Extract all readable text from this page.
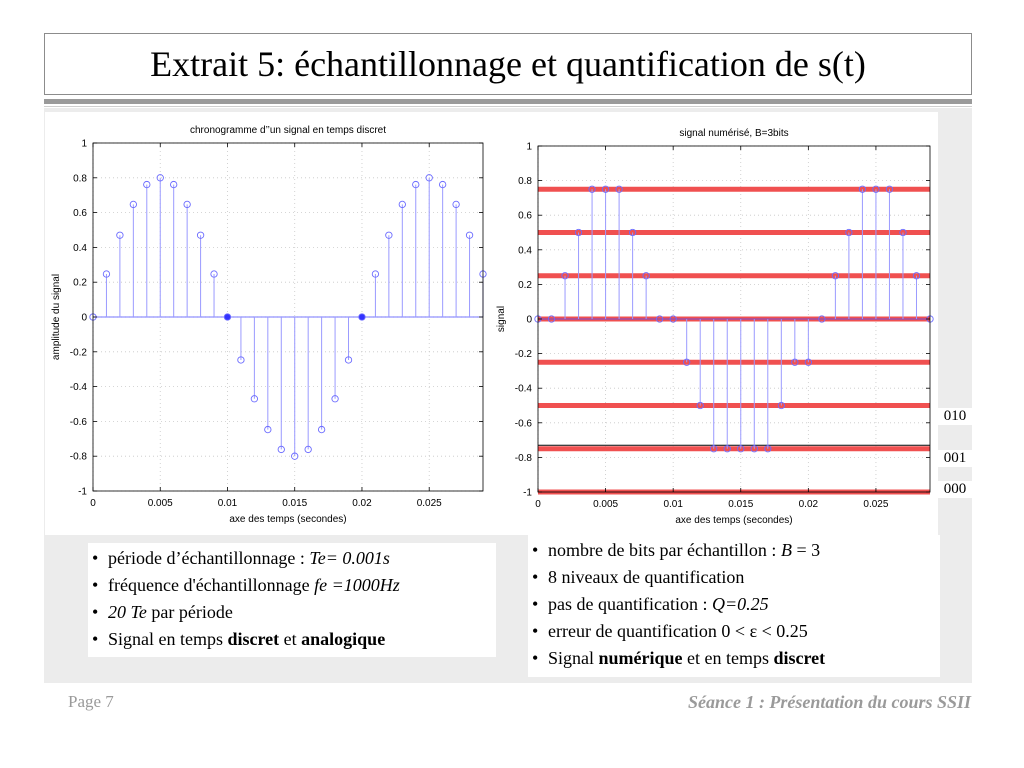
Extrait 5: échantillonnage et quantification de s(t)
0	0.005	0.01	0.015	0.02	0.025
1
0.8
0.6
0.4
0.2
0
-0.2
-0.4
-0.6
-0.8
-1
chronogramme d’’un signal en temps discret
axe des temps (secondes)
amplitude du signal
0	0.005	0.01	0.015	0.02	0.025
1
0.8
0.6
0.4
0.2
0
-0.2
-0.4
-0.6
-0.8
-1
signal numérisé, B=3bits
axe des temps (secondes)
signal
010
001
000
• période d’échantillonnage : Te= 0.001s
• fréquence d'échantillonnage fe =1000Hz
• 20 Te par période
• Signal en temps discret et analogique
• nombre de bits par échantillon : B = 3
• 8 niveaux de quantification
• pas de quantification : Q=0.25
• erreur de quantification 0 < ε < 0.25
• Signal numérique et en temps discret
Page 7	Séance 1 : Présentation du cours SSII
